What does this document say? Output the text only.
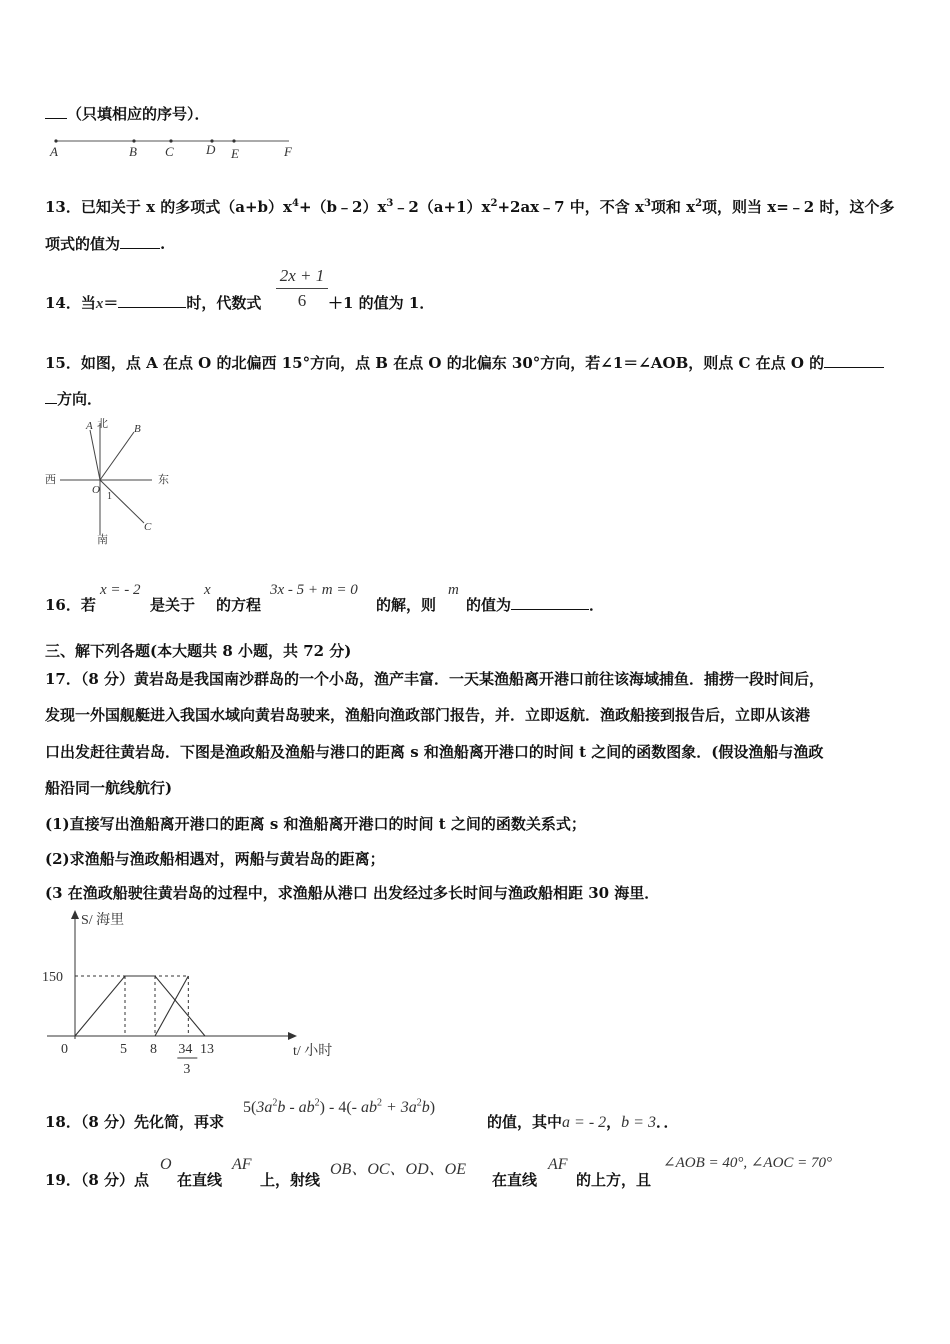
（只填相应的序号）．
A	B C D E	F
13．已知关于 x 的多项式$(a+b)x^4+(b﹣2)x^3﹣2(a+1)x^2+2ax﹣7$ 中，不含 $x^3$项和 $x^2$项，则当 x=﹣2 时，这个多
项式的值为	.
14．当x＝	时，代数式
2x + 1
6	＋1 的值为 1．
15．如图，点 A 在点 O 的北偏西 15°方向，点 B 在点 O 的北偏东 30°方向，若∠1＝∠AOB，则点 C 在点 O 的
方向．
A 北 B
西	东
O
1
C
南
16．若
x = - 2
是关于
x
的方程
3x - 5 + m = 0
的解，则
m
的值为	．
三、解下列各题(本大题共 8 小题，共 72 分)
17．（8 分）黄岩岛是我国南沙群岛的一个小岛，渔产丰富．一天某渔船离开港口前往该海域捕鱼．捕捞一段时间后，
发现一外国舰艇进入我国水域向黄岩岛驶来，渔船向渔政部门报告，并．立即返航．渔政船接到报告后，立即从该港
口出发赶往黄岩岛．下图是渔政船及渔船与港口的距离 s 和渔船离开港口的时间 t 之间的函数图象．(假设渔船与渔政
船沿同一航线航行)
(1)直接写出渔船离开港口的距离 s 和渔船离开港口的时间 t 之间的函数关系式；
(2)求渔船与渔政船相遇对，两船与黄岩岛的距离；
(3 在渔政船驶往黄岩岛的过程中，求渔船从港口 出发经过多长时间与渔政船相距 30 海里．
S/ 海里
t/ 小时
0
150
5 8	13
34
3
18．（8 分）先化简，再求
$5(3a^2b - ab^2) - 4(-$ $ab^2 + 3a^2b$)
的值，其中a = - 2，b = 3．．
19．（8 分）点
O
在直线
AF
上，射线
OB、OC、OD、OE
在直线
AF
的上方，且
∠AOB = 40°, ∠AOC = 70°
